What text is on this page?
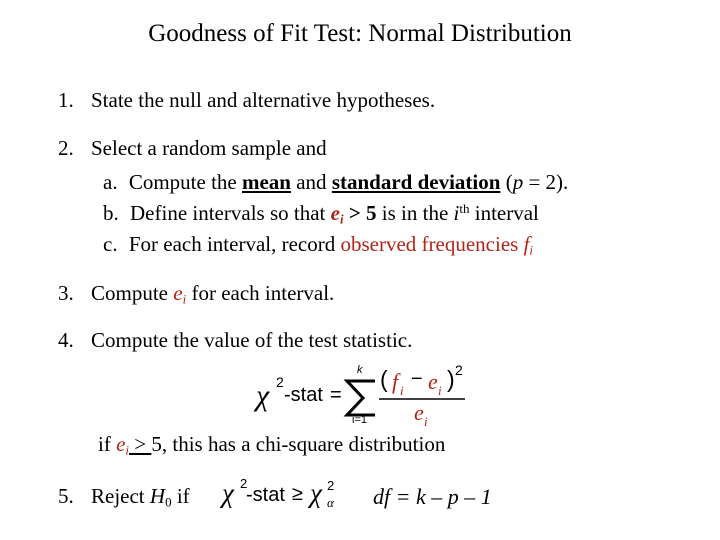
Goodness of Fit Test: Normal Distribution
1. State the null and alternative hypotheses.
2. Select a random sample and
a. Compute the mean and standard deviation (p = 2).
b. Define intervals so that $e_i > 5$ is in the $i^{th}$ interval
c. For each interval, record observed frequencies $f_i$
3. Compute $e_i$ for each interval.
4. Compute the value of the test statistic.
χ 2
-stat =
k
i=1
( f i
− e i ) 2
e i
if $e_i > 5$, this has a chi-square distribution
5. Reject $H_0$ if χ 2
-stat ≥ χ 2
α df = k – p – 1
